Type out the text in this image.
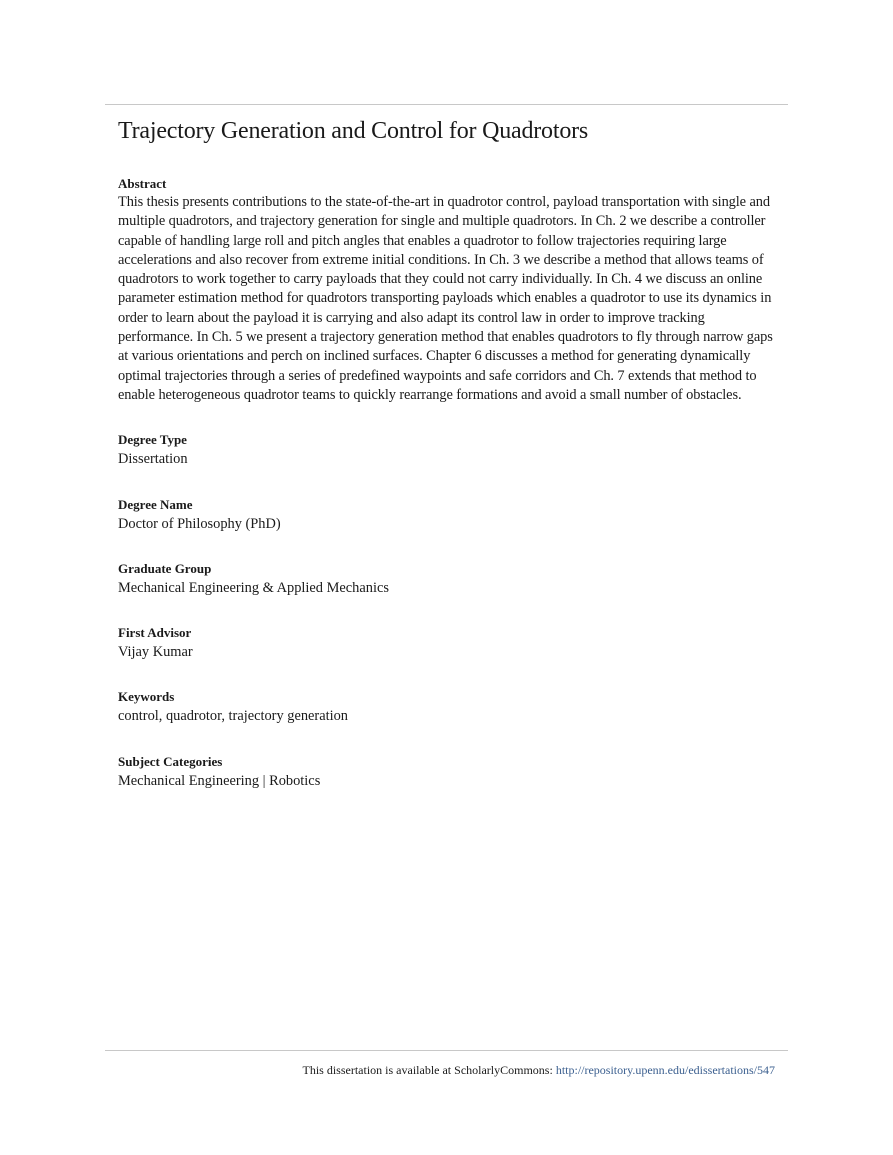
Trajectory Generation and Control for Quadrotors

Abstract

This thesis presents contributions to the state-of-the-art in quadrotor control, payload transportation with single and multiple quadrotors, and trajectory generation for single and multiple quadrotors. In Ch. 2 we describe a controller capable of handling large roll and pitch angles that enables a quadrotor to follow trajectories requiring large accelerations and also recover from extreme initial conditions. In Ch. 3 we describe a method that allows teams of quadrotors to work together to carry payloads that they could not carry individually. In Ch. 4 we discuss an online parameter estimation method for quadrotors transporting payloads which enables a quadrotor to use its dynamics in order to learn about the payload it is carrying and also adapt its control law in order to improve tracking performance. In Ch. 5 we present a trajectory generation method that enables quadrotors to fly through narrow gaps at various orientations and perch on inclined surfaces. Chapter 6 discusses a method for generating dynamically optimal trajectories through a series of predefined waypoints and safe corridors and Ch. 7 extends that method to enable heterogeneous quadrotor teams to quickly rearrange formations and avoid a small number of obstacles.

Degree Type

Dissertation

Degree Name

Doctor of Philosophy (PhD)

Graduate Group

Mechanical Engineering & Applied Mechanics

First Advisor

Vijay Kumar

Keywords

control, quadrotor, trajectory generation

Subject Categories

Mechanical Engineering | Robotics

This dissertation is available at ScholarlyCommons: http://repository.upenn.edu/edissertations/547
